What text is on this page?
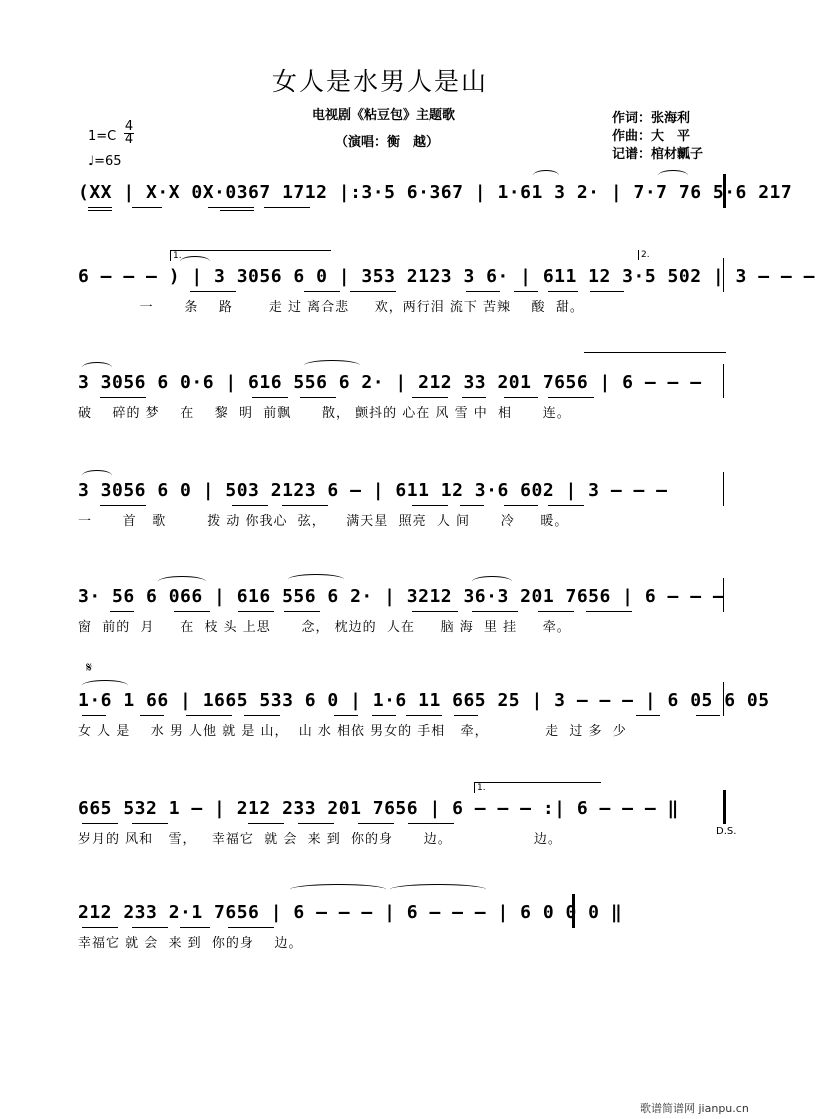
女人是水男人是山
电视剧《粘豆包》主题歌
（演唱：衡　越）
作词：张海利
作曲：大　平
记谱：棺材瓤子
1=C
4
4
♩=65
(XX | X·X 0X·0367 1712 |:3·5 6·367 | 1·61 3 2· | 7·7 76 5·6 217
6 — — — ) | 3 3056 6 0 | 353 2123 3 6· | 611 12 3·5 502 | 3 — — —
1.	2.
一      条    路       走 过 离合悲     欢，两行泪 流下 苦辣    酸  甜。
3 3056 6 0·6 | 616 556 6 2· | 212 33 201 7656 | 6 — — —
破    碎的 梦    在    黎  明  前飘      散， 颤抖的 心在 风 雪 中  相      连。
3 3056 6 0 | 503 2123 6 — | 611 12 3·6 602 | 3 — — —
一      首   歌        拨 动 你我心  弦，    满天星  照亮  人 间      冷     暖。
3· 56 6 066 | 616 556 6 2· | 3212 36·3 201 7656 | 6 — — —
窗  前的  月     在  枝 头 上思      念， 枕边的  人在     脑 海  里 挂     牵。
𝄋
1·6 1 66 | 1665 533 6 0 | 1·6 11 665 25 | 3 — — — | 6 05 6 05
女 人 是    水 男 人他 就 是 山，  山 水 相依 男女的 手相   牵，           走  过 多  少
665 532 1 — | 212 233 201 7656 | 6 — — — :| 6 — — — ‖
1.
岁月的 风和   雪，   幸福它  就 会  来 到  你的身      边。                边。
D.S.
212 233 2·1 7656 | 6 — — — | 6 — — — | 6 0 0 0 ‖
幸福它 就 会  来 到  你的身    边。
歌谱简谱网 jianpu.cn
